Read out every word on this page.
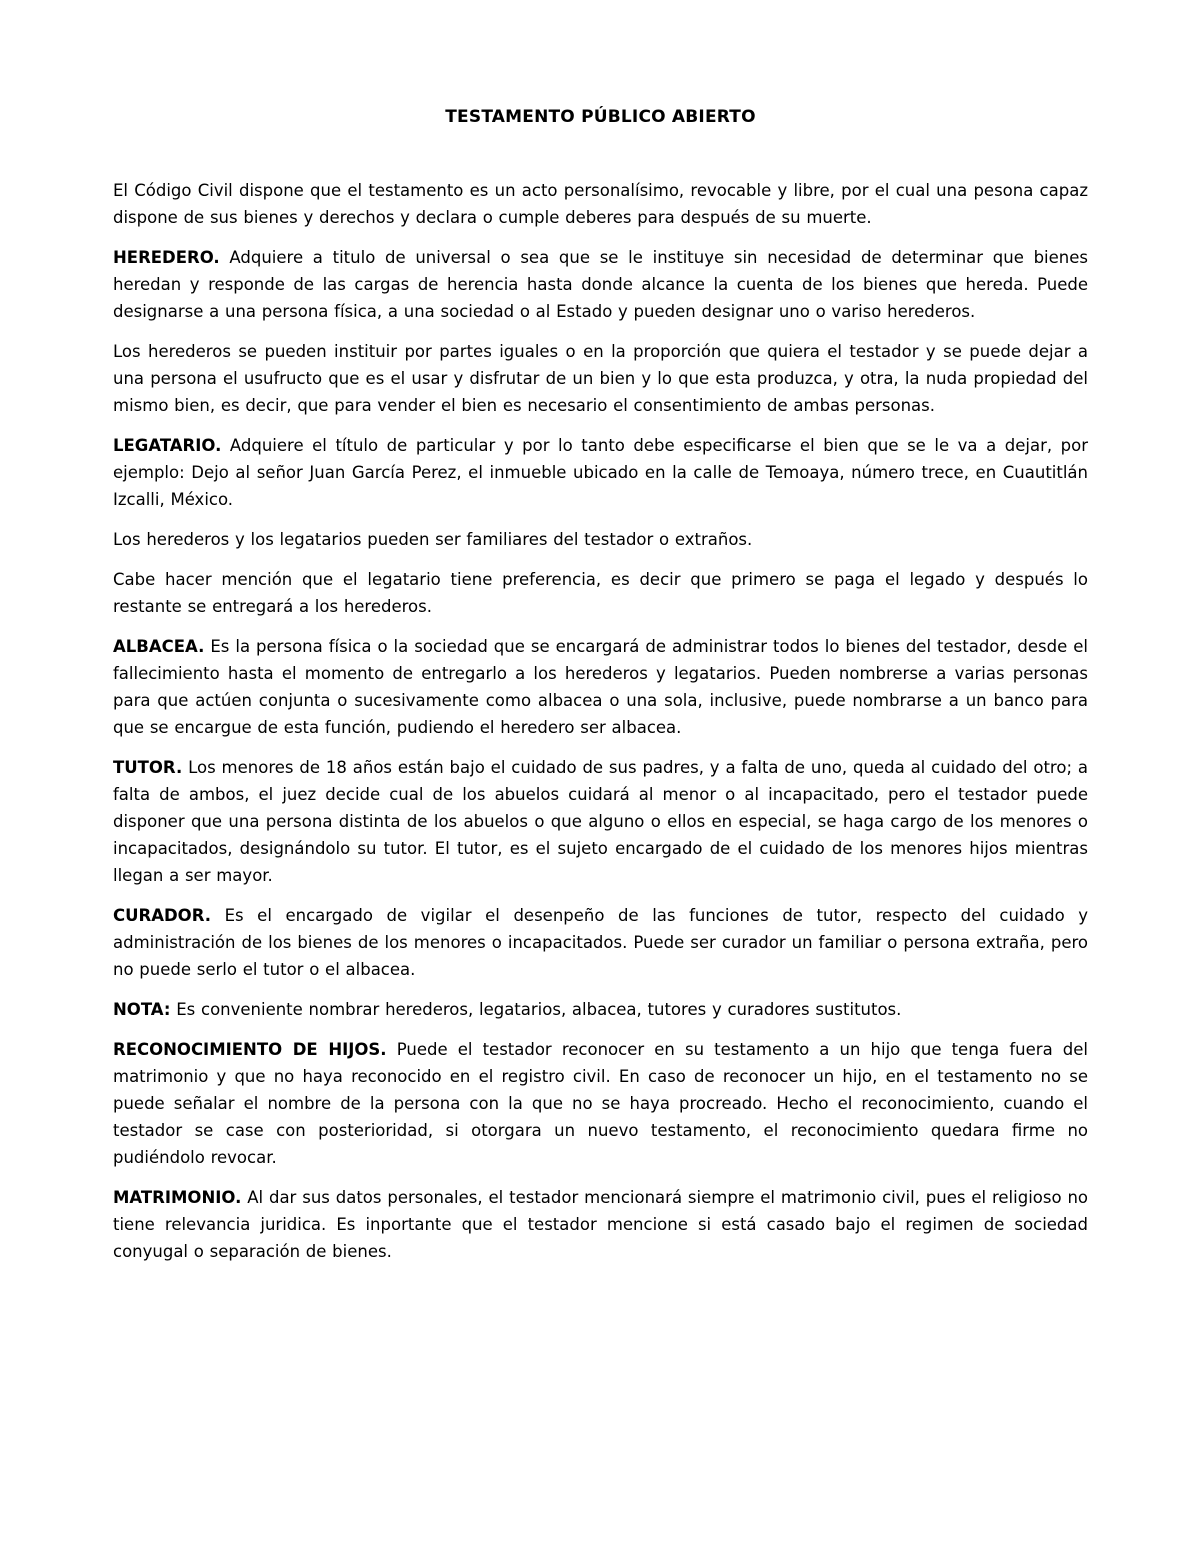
TESTAMENTO PÚBLICO ABIERTO

El Código Civil dispone que el testamento es un acto personalísimo, revocable y libre, por el cual una pesona capaz dispone de sus bienes y derechos y declara o cumple deberes para después de su muerte.

HEREDERO. Adquiere a titulo de universal o sea que se le instituye sin necesidad de determinar que bienes heredan y responde de las cargas de herencia hasta donde alcance la cuenta de los bienes que hereda. Puede designarse a una persona física, a una sociedad o al Estado y pueden designar uno o variso herederos.

Los herederos se pueden instituir por partes iguales o en la proporción que quiera el testador y se puede dejar a una persona el usufructo que es el usar y disfrutar de un bien y lo que esta produzca, y otra, la nuda propiedad del mismo bien, es decir, que para vender el bien es necesario el consentimiento de ambas personas.

LEGATARIO. Adquiere el título de particular y por lo tanto debe especificarse el bien que se le va a dejar, por ejemplo: Dejo al señor Juan García Perez, el inmueble ubicado en la calle de Temoaya, número trece, en Cuautitlán Izcalli, México.

Los herederos y los legatarios pueden ser familiares del testador o extraños.

Cabe hacer mención que el legatario tiene preferencia, es decir que primero se paga el legado y después lo restante se entregará a los herederos.

ALBACEA. Es la persona física o la sociedad que se encargará de administrar todos lo bienes del testador, desde el fallecimiento hasta el momento de entregarlo a los herederos y legatarios. Pueden nombrerse a varias personas para que actúen conjunta o sucesivamente como albacea o una sola, inclusive, puede nombrarse a un banco para que se encargue de esta función, pudiendo el heredero ser albacea.

TUTOR. Los menores de 18 años están bajo el cuidado de sus padres, y a falta de uno, queda al cuidado del otro; a falta de ambos, el juez decide cual de los abuelos cuidará al menor o al incapacitado, pero el testador puede disponer que una persona distinta de los abuelos o que alguno o ellos en especial, se haga cargo de los menores o incapacitados, designándolo su tutor. El tutor, es el sujeto encargado de el cuidado de los menores hijos mientras llegan a ser mayor.

CURADOR. Es el encargado de vigilar el desenpeño de las funciones de tutor, respecto del cuidado y administración de los bienes de los menores o incapacitados. Puede ser curador un familiar o persona extraña, pero no puede serlo el tutor o el albacea.

NOTA: Es conveniente nombrar herederos, legatarios, albacea, tutores y curadores sustitutos.

RECONOCIMIENTO DE HIJOS. Puede el testador reconocer en su testamento a un hijo que tenga fuera del matrimonio y que no haya reconocido en el registro civil. En caso de reconocer un hijo, en el testamento no se puede señalar el nombre de la persona con la que no se haya procreado. Hecho el reconocimiento, cuando el testador se case con posterioridad, si otorgara un nuevo testamento, el reconocimiento quedara firme no pudiéndolo revocar.

MATRIMONIO. Al dar sus datos personales, el testador mencionará siempre el matrimonio civil, pues el religioso no tiene relevancia juridica. Es inportante que el testador mencione si está casado bajo el regimen de sociedad conyugal o separación de bienes.
